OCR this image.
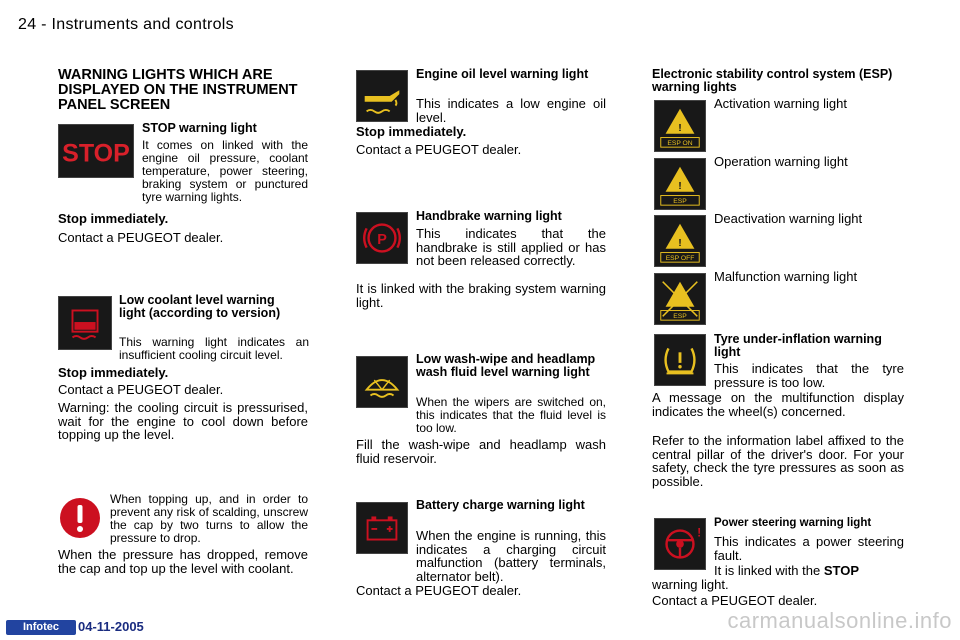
24 - Instruments and controls
WARNING LIGHTS WHICH ARE DISPLAYED ON THE INSTRUMENT PANEL SCREEN
STOP
STOP warning light
It comes on linked with the engine oil pressure, coolant temperature, power steering, braking system or punctured tyre warning lights.
Stop immediately.
Contact a PEUGEOT dealer.
Low coolant level warning light (according to version)
This warning light indicates an insufficient cooling circuit level.
Stop immediately.
Contact a PEUGEOT dealer.
Warning: the cooling circuit is pressurised, wait for the engine to cool down before topping up the level.
When topping up, and in order to prevent any risk of scalding, unscrew the cap by two turns to allow the pressure to drop.
When the pressure has dropped, remove the cap and top up the level with coolant.
Engine oil level warning light
This indicates a low engine oil level.
Stop immediately.
Contact a PEUGEOT dealer.
P
Handbrake warning light
This indicates that the handbrake is still applied or has not been released correctly.
It is linked with the braking system warning light.
Low wash-wipe and headlamp wash fluid level warning light
When the wipers are switched on, this indicates that the fluid level is too low.
Fill the wash-wipe and headlamp wash fluid reservoir.
Battery charge warning light
When the engine is running, this indicates a charging circuit malfunction (battery terminals, alternator belt).
Contact a PEUGEOT dealer.
Electronic stability control system (ESP) warning lights
!
ESP ON
Activation warning light
!
ESP
Operation warning light
!
ESP OFF
Deactivation warning light
ESP
Malfunction warning light
Tyre under-inflation warning light
This indicates that the tyre pressure is too low.
A message on the multifunction display indicates the wheel(s) concerned.
Refer to the information label affixed to the central pillar of the driver's door. For your safety, check the tyre pressures as soon as possible.
!
Power steering warning light
This indicates a power steering fault.
It is linked with the STOP
warning light.
Contact a PEUGEOT dealer.
Infotec	04-11-2005	carmanualsonline.info
